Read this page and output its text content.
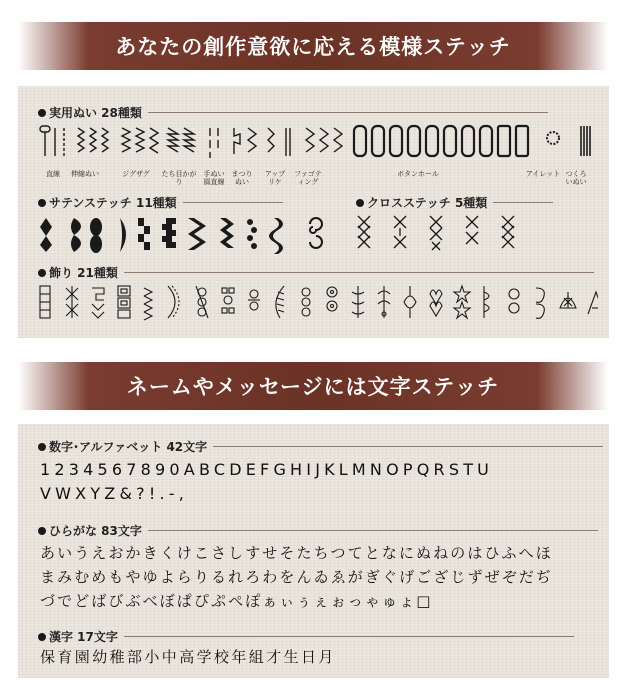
あなたの創作意欲に応える模様ステッチ
実用ぬい 28種類
直線	伸縮ぬい	ジグザグ	たち目かがり
手ぬい風直線
まつりぬい
アップリケ
ファゴティング
ボタンホール	アイレット つくろいぬい
サテンステッチ 11種類	クロスステッチ 5種類
飾り 21種類
ネームやメッセージには文字ステッチ
数字･アルファベット 42文字
1234567890ABCDEFGHIJKLMNOPQRSTU
VWXYZ&?!.-,
ひらがな 83文字
あいうえおかきくけこさしすせそたちつてとなにぬねのはひふへほ
まみむめもやゆよらりるれろわをんゐゑがぎぐげござじずぜぞだぢ
づでどばびぶべぼぱぴぷぺぽぁぃぅぇぉっゃゅょ□
漢字 17文字
保育園幼稚部小中高学校年組才生日月
